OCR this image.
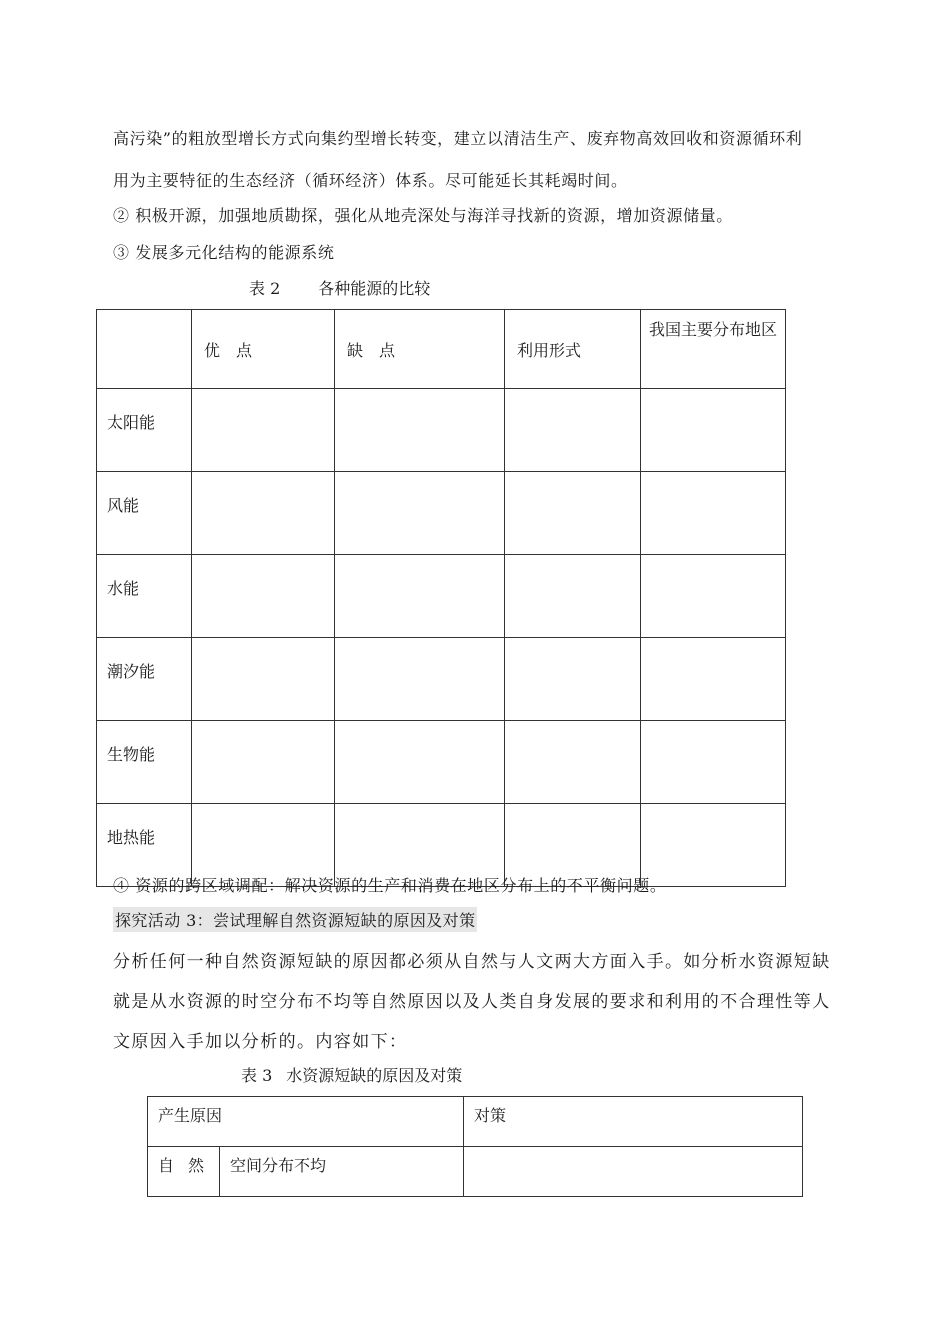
高污染”的粗放型增长方式向集约型增长转变，建立以清洁生产、废弃物高效回收和资源循环利
用为主要特征的生态经济（循环经济）体系。尽可能延长其耗竭时间。
② 积极开源，加强地质勘探，强化从地壳深处与海洋寻找新的资源，增加资源储量。
③ 发展多元化结构的能源系统
表 2 各种能源的比较
	优　点	缺　点	利用形式	我国主要分布地区

太阳能				

风能				

水能				

潮汐能				

生物能				

地热能				

④ 资源的跨区域调配：解决资源的生产和消费在地区分布上的不平衡问题。
探究活动 3：尝试理解自然资源短缺的原因及对策
分析任何一种自然资源短缺的原因都必须从自然与人文两大方面入手。如分析水资源短缺就是从水资源的时空分布不均等自然原因以及人类自身发展的要求和利用的不合理性等人文原因入手加以分析的。内容如下：
表 3 水资源短缺的原因及对策
产生原因		对策
自然	空间分布不均	
